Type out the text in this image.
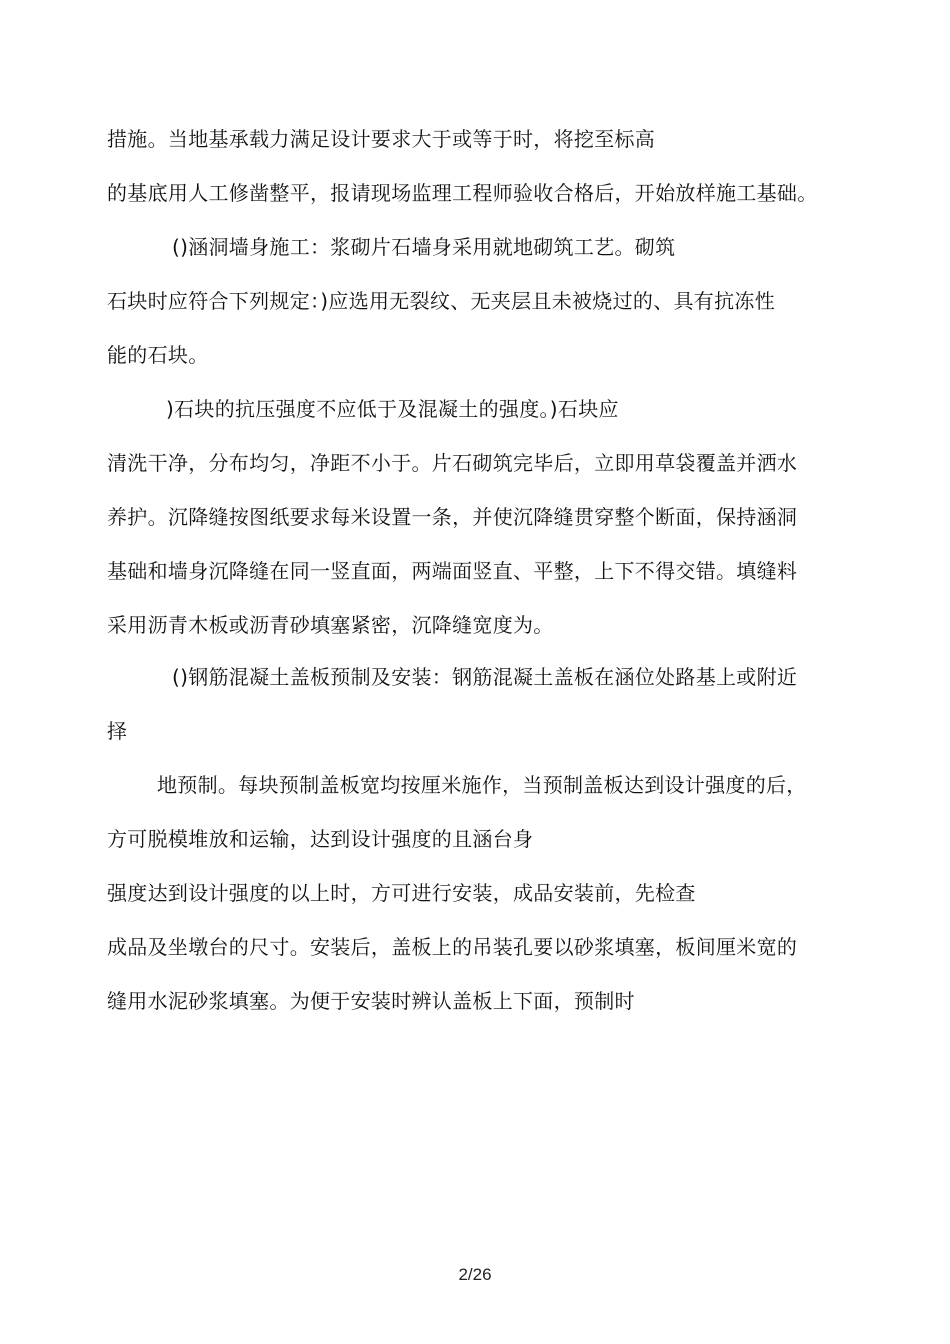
措施。当地基承载力满足设计要求大于或等于时，将挖至标高
的基底用人工修凿整平，报请现场监理工程师验收合格后，开始放样施工基础。
()涵洞墙身施工：浆砌片石墙身采用就地砌筑工艺。砌筑
石块时应符合下列规定：)应选用无裂纹、无夹层且未被烧过的、具有抗冻性
能的石块。
)石块的抗压强度不应低于及混凝土的强度。)石块应
清洗干净，分布均匀，净距不小于。片石砌筑完毕后，立即用草袋覆盖并洒水
养护。沉降缝按图纸要求每米设置一条，并使沉降缝贯穿整个断面，保持涵洞
基础和墙身沉降缝在同一竖直面，两端面竖直、平整，上下不得交错。填缝料
采用沥青木板或沥青砂填塞紧密，沉降缝宽度为。
()钢筋混凝土盖板预制及安装：钢筋混凝土盖板在涵位处路基上或附近
择
地预制。每块预制盖板宽均按厘米施作，当预制盖板达到设计强度的后，
方可脱模堆放和运输，达到设计强度的且涵台身
强度达到设计强度的以上时，方可进行安装，成品安装前，先检查
成品及坐墩台的尺寸。安装后，盖板上的吊装孔要以砂浆填塞，板间厘米宽的
缝用水泥砂浆填塞。为便于安装时辨认盖板上下面，预制时
2/26
